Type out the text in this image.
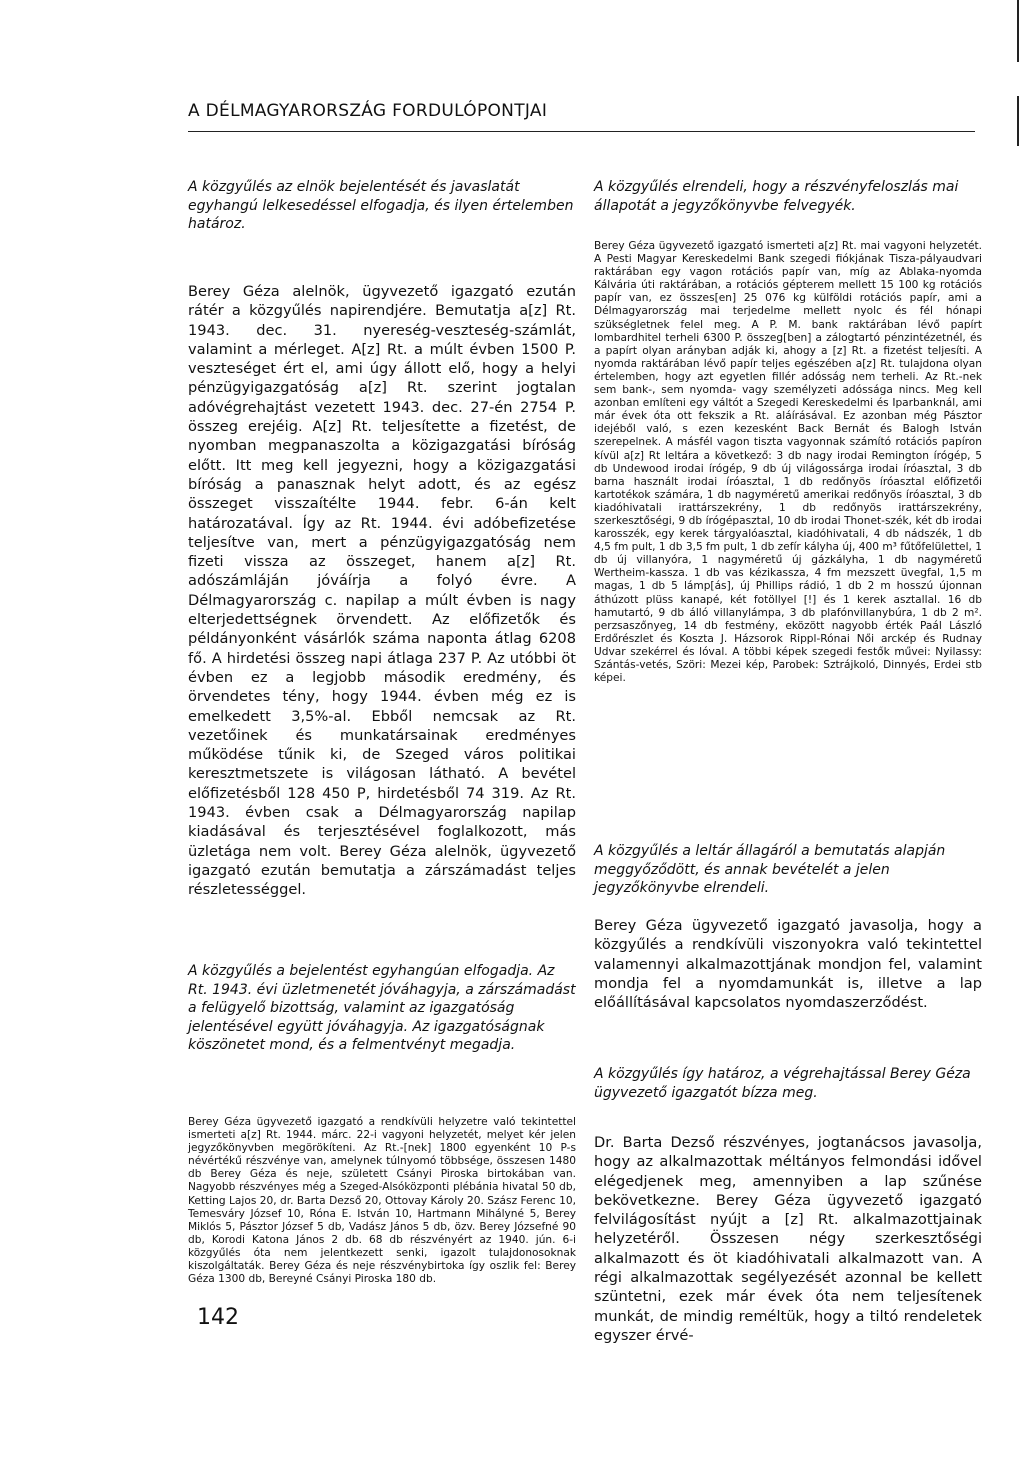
A DÉLMAGYARORSZÁG FORDULÓPONTJAI

A közgyűlés az elnök bejelentését és javaslatát egyhangú lelkesedéssel elfogadja, és ilyen értelemben határoz.

Berey Géza alelnök, ügyvezető igazgató ezután rátér a közgyűlés napirendjére. Bemutatja a[z] Rt. 1943. dec. 31. nyereség-veszteség-számlát, valamint a mérleget. A[z] Rt. a múlt évben 1500 P. veszteséget ért el, ami úgy állott elő, hogy a helyi pénzügyigazgatóság a[z] Rt. szerint jogtalan adóvégrehajtást vezetett 1943. dec. 27-én 2754 P. összeg erejéig. A[z] Rt. teljesítette a fizetést, de nyomban megpanaszolta a közigazgatási bíróság előtt. Itt meg kell jegyezni, hogy a közigazgatási bíróság a panasznak helyt adott, és az egész összeget visszaítélte 1944. febr. 6-án kelt határozatával. Így az Rt. 1944. évi adóbefizetése teljesítve van, mert a pénzügyigazgatóság nem fizeti vissza az összeget, hanem a[z] Rt. adószámláján jóváírja a folyó évre. A Délmagyarország c. napilap a múlt évben is nagy elterjedettségnek örvendett. Az előfizetők és példányonként vásárlók száma naponta átlag 6208 fő. A hirdetési összeg napi átlaga 237 P. Az utóbbi öt évben ez a legjobb második eredmény, és örvendetes tény, hogy 1944. évben még ez is emelkedett 3,5%-al. Ebből nemcsak az Rt. vezetőinek és munkatársainak eredményes működése tűnik ki, de Szeged város politikai keresztmetszete is világosan látható. A bevétel előfizetésből 128 450 P, hirdetésből 74 319. Az Rt. 1943. évben csak a Délmagyarország napilap kiadásával és terjesztésével foglalkozott, más üzletága nem volt. Berey Géza alelnök, ügyvezető igazgató ezután bemutatja a zárszámadást teljes részletességgel.

A közgyűlés a bejelentést egyhangúan elfogadja. Az Rt. 1943. évi üzletmenetét jóváhagyja, a zárszámadást a felügyelő bizottság, valamint az igazgatóság jelentésével együtt jóváhagyja. Az igazgatóságnak köszönetet mond, és a felmentvényt megadja.

Berey Géza ügyvezető igazgató a rendkívüli helyzetre való tekintettel ismerteti a[z] Rt. 1944. márc. 22-i vagyoni helyzetét, melyet kér jelen jegyzőkönyvben megörökíteni. Az Rt.-[nek] 1800 egyenként 10 P-s névértékű részvénye van, amelynek túlnyomó többsége, összesen 1480 db Berey Géza és neje, született Csányi Piroska birtokában van. Nagyobb részvényes még a Szeged-Alsóközponti plébánia hivatal 50 db, Ketting Lajos 20, dr. Barta Dezső 20, Ottovay Károly 20. Szász Ferenc 10, Temesváry József 10, Róna E. István 10, Hartmann Mihályné 5, Berey Miklós 5, Pásztor József 5 db, Vadász János 5 db, özv. Berey Józsefné 90 db, Korodi Katona János 2 db. 68 db részvényért az 1940. jún. 6-i közgyűlés óta nem jelentkezett senki, igazolt tulajdonosoknak kiszolgáltaták. Berey Géza és neje részvénybirtoka így oszlik fel: Berey Géza 1300 db, Bereyné Csányi Piroska 180 db.

142

A közgyűlés elrendeli, hogy a részvényfeloszlás mai állapotát a jegyzőkönyvbe felvegyék.

Berey Géza ügyvezető igazgató ismerteti a[z] Rt. mai vagyoni helyzetét. A Pesti Magyar Kereskedelmi Bank szegedi fiókjának Tisza-pályaudvari raktárában egy vagon rotációs papír van, míg az Ablaka-nyomda Kálvária úti raktárában, a rotációs gépterem mellett 15 100 kg rotációs papír van, ez összes[en] 25 076 kg külföldi rotációs papír, ami a Délmagyarország mai terjedelme mellett nyolc és fél hónapi szükségletnek felel meg. A P. M. bank raktárában lévő papírt lombardhitel terheli 6300 P. összeg[ben] a zálogtartó pénzintézetnél, és a papírt olyan arányban adják ki, ahogy a [z] Rt. a fizetést teljesíti. A nyomda raktárában lévő papír teljes egészében a[z] Rt. tulajdona olyan értelemben, hogy azt egyetlen fillér adósság nem terheli. Az Rt.-nek sem bank-, sem nyomda- vagy személyzeti adóssága nincs. Meg kell azonban említeni egy váltót a Szegedi Kereskedelmi és Iparbanknál, ami már évek óta ott fekszik a Rt. aláírásával. Ez azonban még Pásztor idejéből való, s ezen kezesként Back Bernát és Balogh István szerepelnek. A másfél vagon tiszta vagyonnak számító rotációs papíron kívül a[z] Rt leltára a következő: 3 db nagy irodai Remington írógép, 5 db Undewood irodai írógép, 9 db új világossárga irodai íróasztal, 3 db barna használt irodai íróasztal, 1 db redőnyös íróasztal előfizetői kartotékok számára, 1 db nagyméretű amerikai redőnyös íróasztal, 3 db kiadóhivatali irattárszekrény, 1 db redőnyös irattárszekrény, szerkesztőségi, 9 db írógépasztal, 10 db irodai Thonet-szék, két db irodai karosszék, egy kerek tárgyalóasztal, kiadóhivatali, 4 db nádszék, 1 db 4,5 fm pult, 1 db 3,5 fm pult, 1 db zefír kályha új, 400 m³ fűtőfelülettel, 1 db új villanyóra, 1 nagyméretű új gázkályha, 1 db nagyméretű Wertheim-kassza. 1 db vas kézikassza, 4 fm mezszett üvegfal, 1,5 m magas, 1 db 5 lámp[ás], új Phillips rádió, 1 db 2 m hosszú újonnan áthúzott plüss kanapé, két fotöllyel [!] és 1 kerek asztallal. 16 db hamutartó, 9 db álló villanylámpa, 3 db plafónvillanybúra, 1 db 2 m². perzsaszőnyeg, 14 db festmény, eközött nagyobb érték Paál László Erdőrészlet és Koszta J. Házsorok Rippl-Rónai Női arckép és Rudnay Udvar szekérrel és lóval. A többi képek szegedi festők művei: Nyilassy: Szántás-vetés, Szöri: Mezei kép, Parobek: Sztrájkoló, Dinnyés, Erdei stb képei.

A közgyűlés a leltár állagáról a bemutatás alapján meggyőződött, és annak bevételét a jelen jegyzőkönyvbe elrendeli.

Berey Géza ügyvezető igazgató javasolja, hogy a közgyűlés a rendkívüli viszonyokra való tekintettel valamennyi alkalmazottjának mondjon fel, valamint mondja fel a nyomdamunkát is, illetve a lap előállításával kapcsolatos nyomdaszerződést.

A közgyűlés így határoz, a végrehajtással Berey Géza ügyvezető igazgatót bízza meg.

Dr. Barta Dezső részvényes, jogtanácsos javasolja, hogy az alkalmazottak méltányos felmondási idővel elégedjenek meg, amennyiben a lap szűnése bekövetkezne. Berey Géza ügyvezető igazgató felvilágosítást nyújt a [z] Rt. alkalmazottjainak helyzetéről. Összesen négy szerkesztőségi alkalmazott és öt kiadóhivatali alkalmazott van. A régi alkalmazottak segélyezését azonnal be kellett szüntetni, ezek már évek óta nem teljesítenek munkát, de mindig reméltük, hogy a tiltó rendeletek egyszer érvé-
